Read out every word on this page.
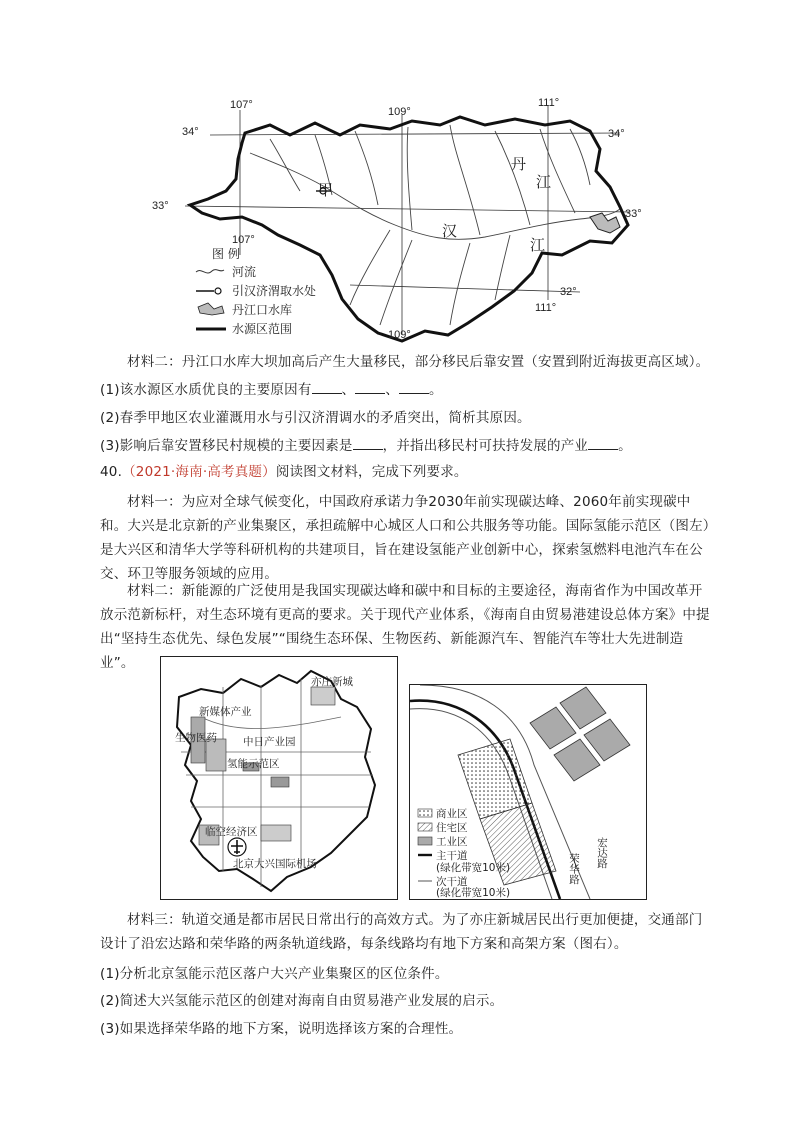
107°
109°
111°
34°	34°
33°
33°
107°
32°
111°
109°
甲
丹
江
汉
江
图 例
河流
引汉济渭取水处
丹江口水库
水源区范围
材料二：丹江口水库大坝加高后产生大量移民，部分移民后靠安置（安置到附近海拔更高区域）。
(1)该水源区水质优良的主要原因有 、 、 。
(2)春季甲地区农业灌溉用水与引汉济渭调水的矛盾突出，简析其原因。
(3)影响后靠安置移民村规模的主要因素是 ，并指出移民村可扶持发展的产业 。
40.（2021·海南·高考真题）阅读图文材料，完成下列要求。
材料一：为应对全球气候变化，中国政府承诺力争2030年前实现碳达峰、2060年前实现碳中和。大兴是北京新的产业集聚区，承担疏解中心城区人口和公共服务等功能。国际氢能示范区（图左）是大兴区和清华大学等科研机构的共建项目，旨在建设氢能产业创新中心，探索氢燃料电池汽车在公交、环卫等服务领域的应用。
材料二：新能源的广泛使用是我国实现碳达峰和碳中和目标的主要途径，海南省作为中国改革开放示范新标杆，对生态环境有更高的要求。关于现代产业体系，《海南自由贸易港建设总体方案》中提出“坚持生态优先、绿色发展”“围绕生态环保、生物医药、新能源汽车、智能汽车等壮大先进制造业”。
亦庄新城
新媒体产业
生物医药 中日产业园
氢能示范区
临空经济区
北京大兴国际机场
商业区
住宅区
工业区
主干道
(绿化带宽10米)
次干道
(绿化带宽10米)
荣华路
宏达路
材料三：轨道交通是都市居民日常出行的高效方式。为了亦庄新城居民出行更加便捷，交通部门设计了沿宏达路和荣华路的两条轨道线路，每条线路均有地下方案和高架方案（图右）。
(1)分析北京氢能示范区落户大兴产业集聚区的区位条件。
(2)简述大兴氢能示范区的创建对海南自由贸易港产业发展的启示。
(3)如果选择荣华路的地下方案，说明选择该方案的合理性。
